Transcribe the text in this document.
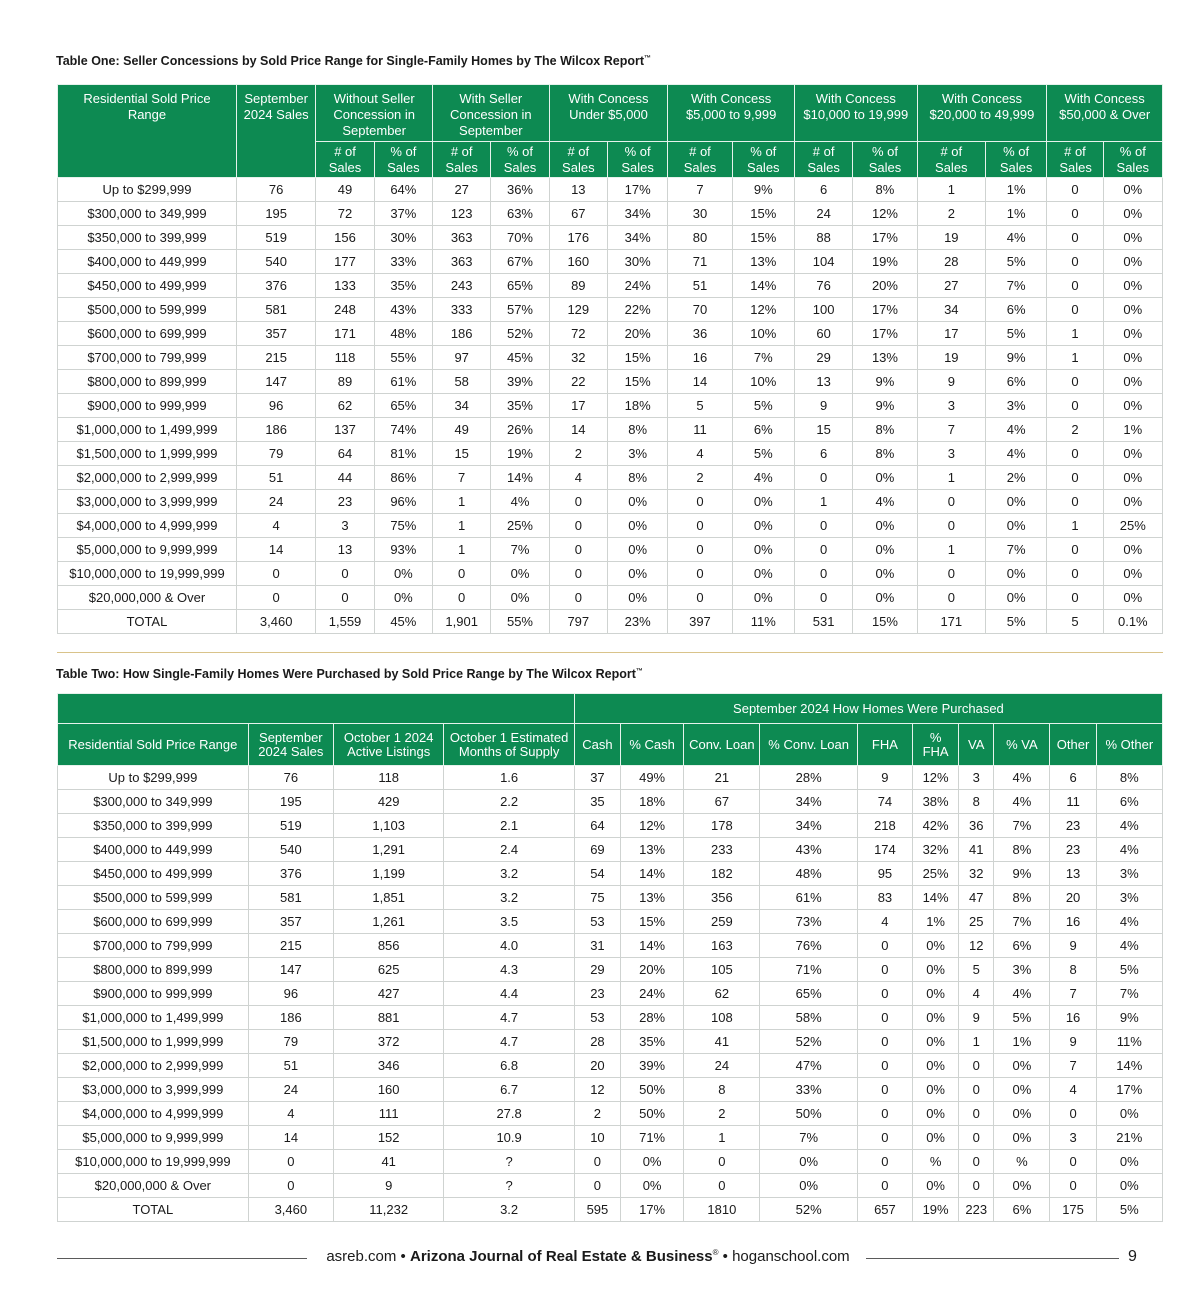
Table One: Seller Concessions by Sold Price Range for Single-Family Homes by The Wilcox Report™
Residential Sold Price Range	September 2024 Sales	Without Seller Concession in September		With Seller Concession in September		With Concess Under $5,000		With Concess $5,000 to 9,999		With Concess $10,000 to 19,999		With Concess $20,000 to 49,999		With Concess $50,000 & Over	
		# of Sales	% of Sales	# of Sales	% of Sales	# of Sales	% of Sales	# of Sales	% of Sales	# of Sales	% of Sales	# of Sales	% of Sales	# of Sales	% of Sales
Up to $299,999	76	49	64%	27	36%	13	17%	7	9%	6	8%	1	1%	0	0%
$300,000 to 349,999	195	72	37%	123	63%	67	34%	30	15%	24	12%	2	1%	0	0%
$350,000 to 399,999	519	156	30%	363	70%	176	34%	80	15%	88	17%	19	4%	0	0%
$400,000 to 449,999	540	177	33%	363	67%	160	30%	71	13%	104	19%	28	5%	0	0%
$450,000 to 499,999	376	133	35%	243	65%	89	24%	51	14%	76	20%	27	7%	0	0%
$500,000 to 599,999	581	248	43%	333	57%	129	22%	70	12%	100	17%	34	6%	0	0%
$600,000 to 699,999	357	171	48%	186	52%	72	20%	36	10%	60	17%	17	5%	1	0%
$700,000 to 799,999	215	118	55%	97	45%	32	15%	16	7%	29	13%	19	9%	1	0%
$800,000 to 899,999	147	89	61%	58	39%	22	15%	14	10%	13	9%	9	6%	0	0%
$900,000 to 999,999	96	62	65%	34	35%	17	18%	5	5%	9	9%	3	3%	0	0%
$1,000,000 to 1,499,999	186	137	74%	49	26%	14	8%	11	6%	15	8%	7	4%	2	1%
$1,500,000 to 1,999,999	79	64	81%	15	19%	2	3%	4	5%	6	8%	3	4%	0	0%
$2,000,000 to 2,999,999	51	44	86%	7	14%	4	8%	2	4%	0	0%	1	2%	0	0%
$3,000,000 to 3,999,999	24	23	96%	1	4%	0	0%	0	0%	1	4%	0	0%	0	0%
$4,000,000 to 4,999,999	4	3	75%	1	25%	0	0%	0	0%	0	0%	0	0%	1	25%
$5,000,000 to 9,999,999	14	13	93%	1	7%	0	0%	0	0%	0	0%	1	7%	0	0%
$10,000,000 to 19,999,999	0	0	0%	0	0%	0	0%	0	0%	0	0%	0	0%	0	0%
$20,000,000 & Over	0	0	0%	0	0%	0	0%	0	0%	0	0%	0	0%	0	0%
TOTAL	3,460	1,559	45%	1,901	55%	797	23%	397	11%	531	15%	171	5%	5	0.1%
Table Two: How Single-Family Homes Were Purchased by Sold Price Range by The Wilcox Report™
				September 2024 How Homes Were Purchased									
Residential Sold Price Range	September 2024 Sales	October 1 2024 Active Listings	October 1 Estimated Months of Supply	Cash	% Cash	Conv. Loan	% Conv. Loan	FHA	% FHA	VA	% VA	Other	% Other
Up to $299,999	76	118	1.6	37	49%	21	28%	9	12%	3	4%	6	8%
$300,000 to 349,999	195	429	2.2	35	18%	67	34%	74	38%	8	4%	11	6%
$350,000 to 399,999	519	1,103	2.1	64	12%	178	34%	218	42%	36	7%	23	4%
$400,000 to 449,999	540	1,291	2.4	69	13%	233	43%	174	32%	41	8%	23	4%
$450,000 to 499,999	376	1,199	3.2	54	14%	182	48%	95	25%	32	9%	13	3%
$500,000 to 599,999	581	1,851	3.2	75	13%	356	61%	83	14%	47	8%	20	3%
$600,000 to 699,999	357	1,261	3.5	53	15%	259	73%	4	1%	25	7%	16	4%
$700,000 to 799,999	215	856	4.0	31	14%	163	76%	0	0%	12	6%	9	4%
$800,000 to 899,999	147	625	4.3	29	20%	105	71%	0	0%	5	3%	8	5%
$900,000 to 999,999	96	427	4.4	23	24%	62	65%	0	0%	4	4%	7	7%
$1,000,000 to 1,499,999	186	881	4.7	53	28%	108	58%	0	0%	9	5%	16	9%
$1,500,000 to 1,999,999	79	372	4.7	28	35%	41	52%	0	0%	1	1%	9	11%
$2,000,000 to 2,999,999	51	346	6.8	20	39%	24	47%	0	0%	0	0%	7	14%
$3,000,000 to 3,999,999	24	160	6.7	12	50%	8	33%	0	0%	0	0%	4	17%
$4,000,000 to 4,999,999	4	111	27.8	2	50%	2	50%	0	0%	0	0%	0	0%
$5,000,000 to 9,999,999	14	152	10.9	10	71%	1	7%	0	0%	0	0%	3	21%
$10,000,000 to 19,999,999	0	41	?	0	0%	0	0%	0	%	0	%	0	0%
$20,000,000 & Over	0	9	?	0	0%	0	0%	0	0%	0	0%	0	0%
TOTAL	3,460	11,232	3.2	595	17%	1810	52%	657	19%	223	6%	175	5%
asreb.com • Arizona Journal of Real Estate & Business® • hoganschool.com	9
